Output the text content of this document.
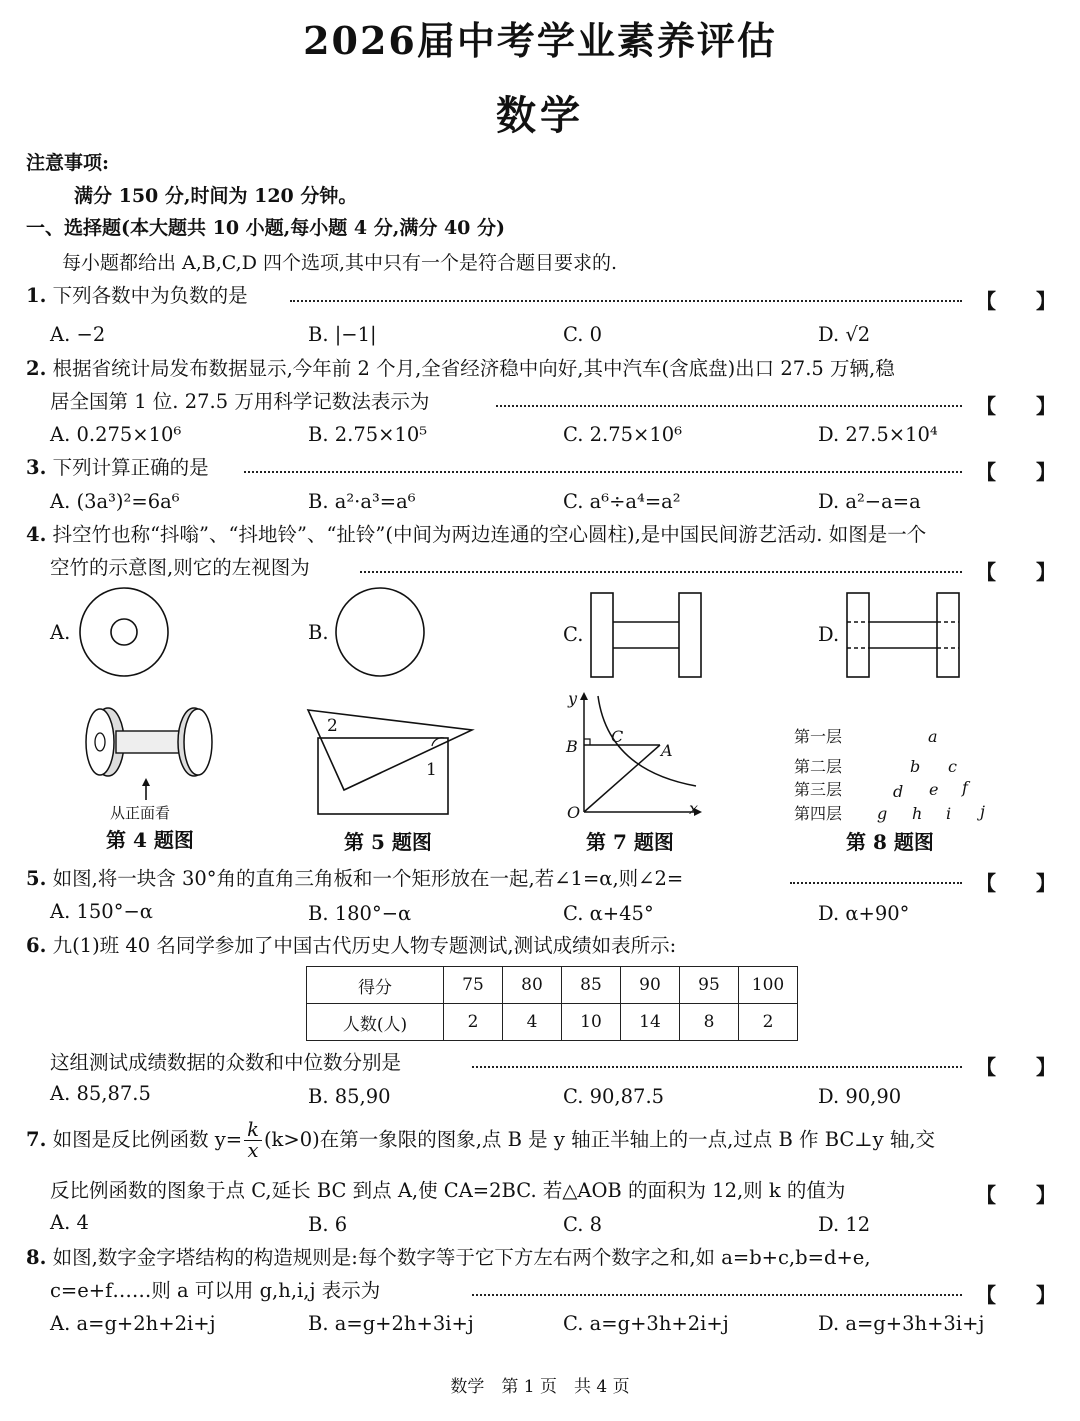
2026届中考学业素养评估
数学
注意事项:
满分 150 分,时间为 120 分钟。
一、选择题(本大题共 10 小题,每小题 4 分,满分 40 分)
每小题都给出 A,B,C,D 四个选项,其中只有一个是符合题目要求的.
1. 下列各数中为负数的是	【　　】
A. −2	B. |−1|	C. 0	D. √2
2. 根据省统计局发布数据显示,今年前 2 个月,全省经济稳中向好,其中汽车(含底盘)出口 27.5 万辆,稳
居全国第 1 位. 27.5 万用科学记数法表示为	【　　】
A. 0.275×10⁶	B. 2.75×10⁵	C. 2.75×10⁶	D. 27.5×10⁴
3. 下列计算正确的是	【　　】
A. (3a³)²=6a⁶	B. a²·a³=a⁶	C. a⁶÷a⁴=a²	D. a²−a=a
4. 抖空竹也称“抖嗡”、“抖地铃”、“扯铃”(中间为两边连通的空心圆柱),是中国民间游艺活动. 如图是一个
空竹的示意图,则它的左视图为	【　　】
A.	B.	C.	D.
从正面看
第 4 题图
2
1
第 5 题图
y
x
O
B
C
A
第 7 题图
第一层	a
第二层	b c
第三层	d e f
第四层 g h i j
第 8 题图
5. 如图,将一块含 30°角的直角三角板和一个矩形放在一起,若∠1=α,则∠2=	【　　】
A. 150°−α	B. 180°−α	C. α+45°	D. α+90°
6. 九(1)班 40 名同学参加了中国古代历史人物专题测试,测试成绩如表所示:
得分	75	80	85	90	95	100
人数(人)	2	4	10	14	8	2
这组测试成绩数据的众数和中位数分别是	【　　】
A. 85,87.5	B. 85,90	C. 90,87.5	D. 90,90
7. 如图是反比例函数 $y= \frac{k}{x} (k>0)$在第一象限的图象,点 B 是 y 轴正半轴上的一点,过点 B 作 BC⊥y 轴,交
反比例函数的图象于点 C,延长 BC 到点 A,使 CA=2BC. 若△AOB 的面积为 12,则 k 的值为	【　　】
A. 4	B. 6	C. 8	D. 12
8. 如图,数字金字塔结构的构造规则是:每个数字等于它下方左右两个数字之和,如 a=b+c,b=d+e,
c=e+f……则 a 可以用 g,h,i,j 表示为	【　　】
A. a=g+2h+2i+j	B. a=g+2h+3i+j	C. a=g+3h+2i+j	D. a=g+3h+3i+j
数学　第 1 页　共 4 页
